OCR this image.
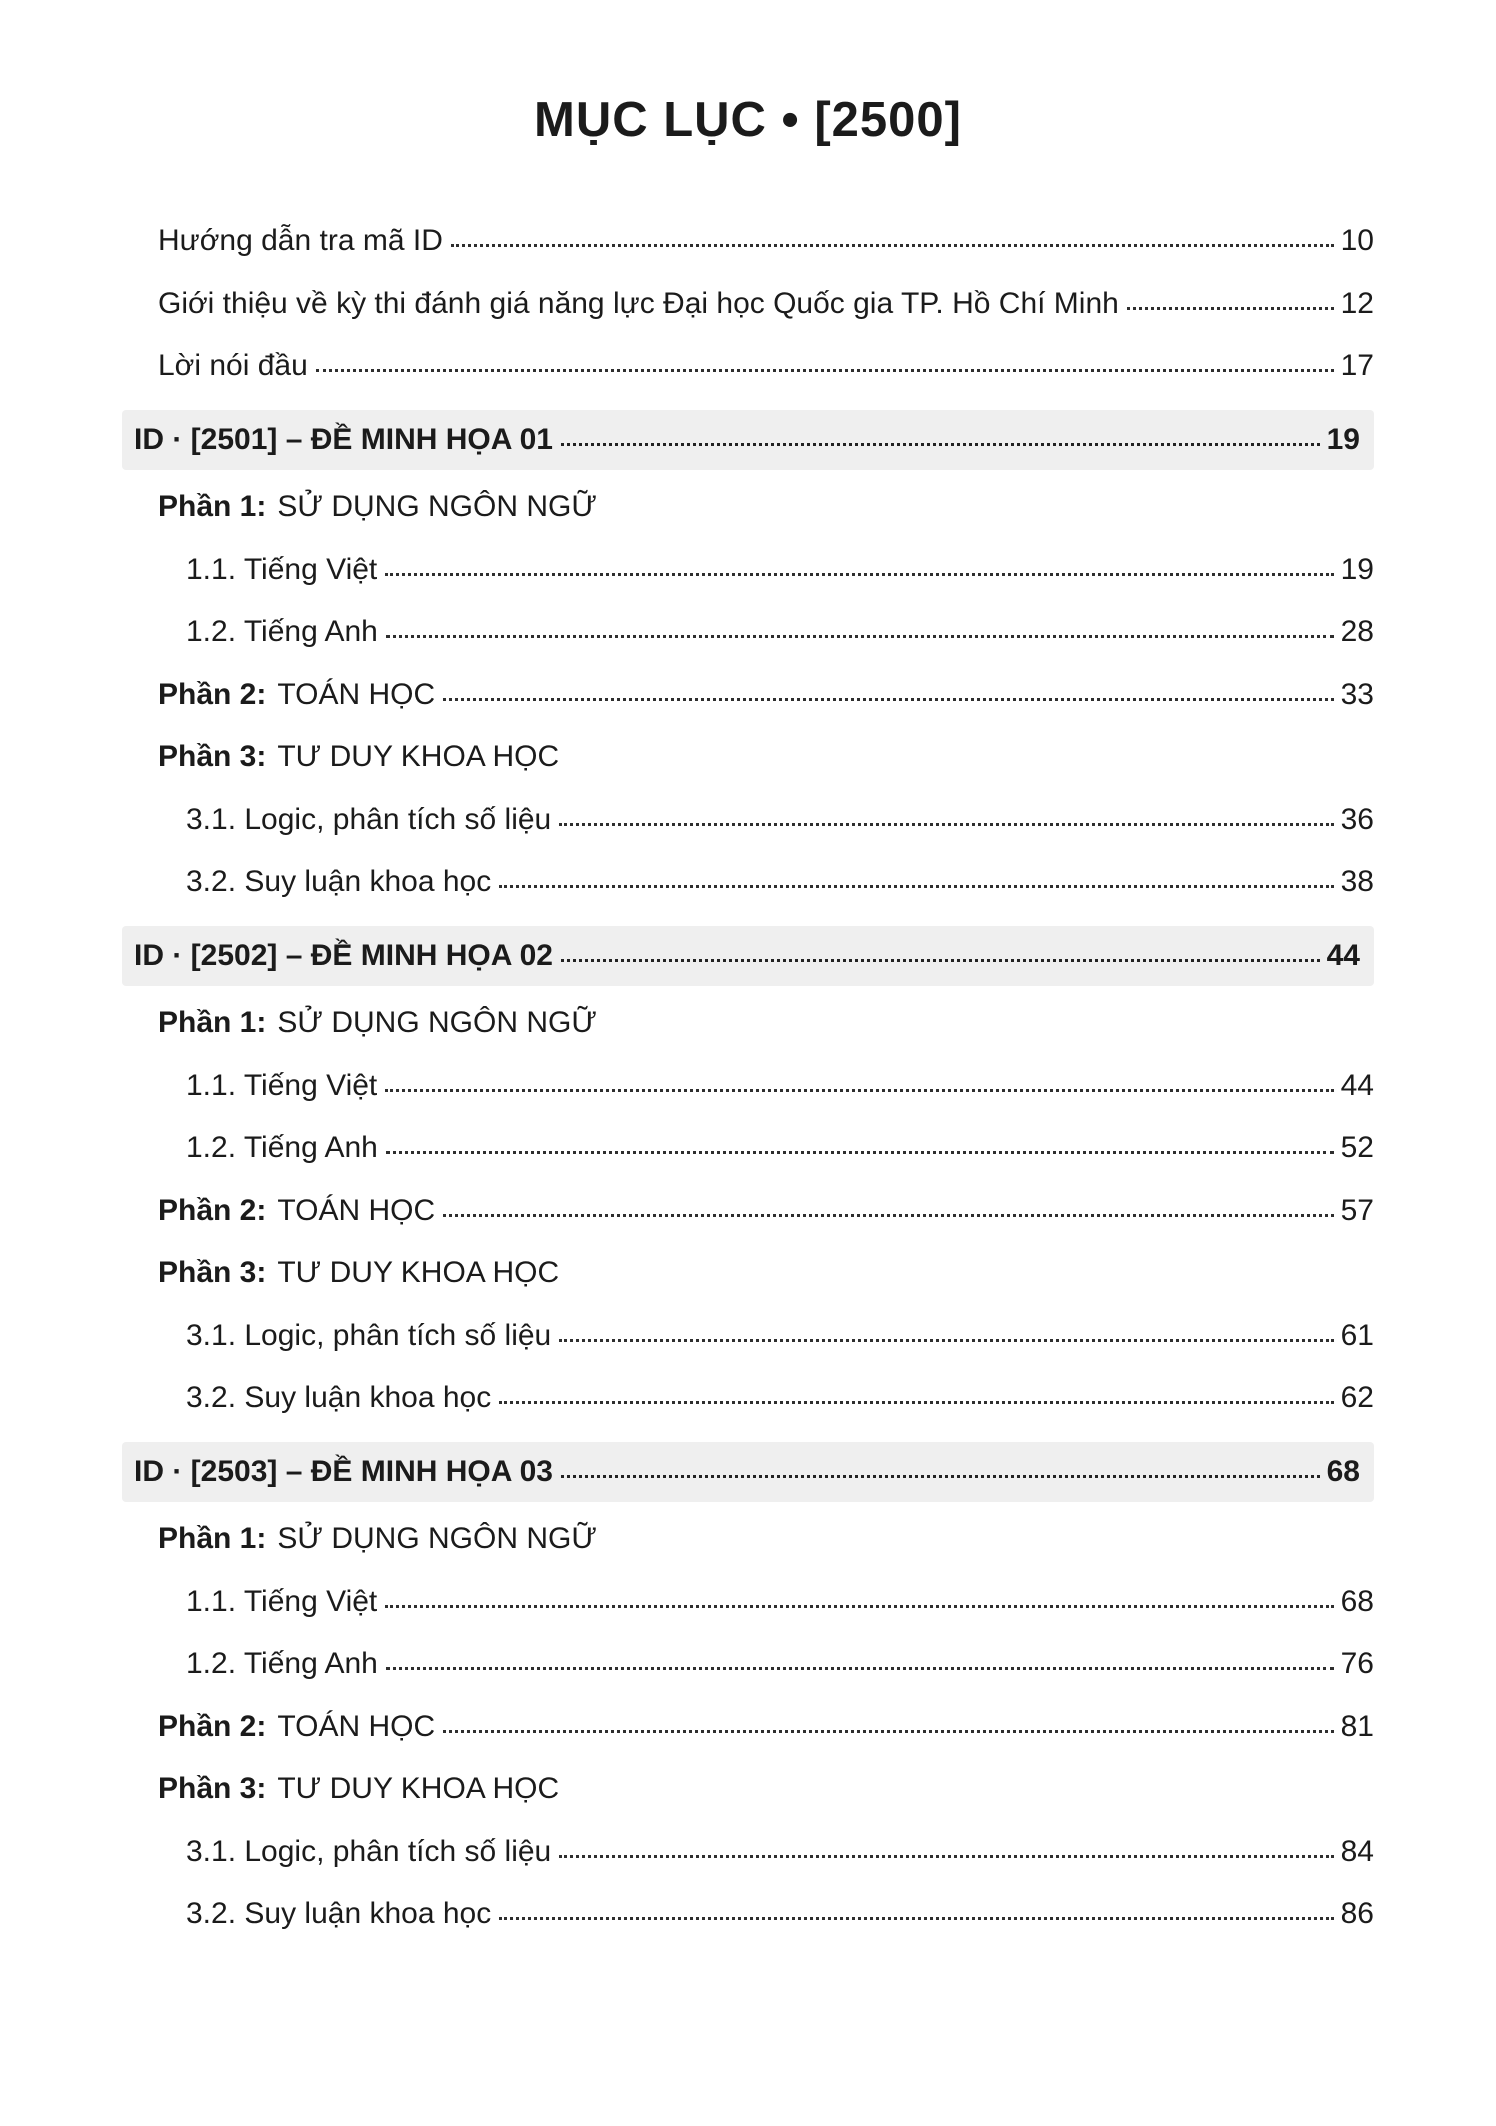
MỤC LỤC • [2500]
Hướng dẫn tra mã ID	10
Giới thiệu về kỳ thi đánh giá năng lực Đại học Quốc gia TP. Hồ Chí Minh	12
Lời nói đầu	17
ID · [2501] – ĐỀ MINH HỌA 01	19
Phần 1: SỬ DỤNG NGÔN NGỮ
1.1. Tiếng Việt	19
1.2. Tiếng Anh	28
Phần 2: TOÁN HỌC	33
Phần 3: TƯ DUY KHOA HỌC
3.1. Logic, phân tích số liệu	36
3.2. Suy luận khoa học	38
ID · [2502] – ĐỀ MINH HỌA 02	44
Phần 1: SỬ DỤNG NGÔN NGỮ
1.1. Tiếng Việt	44
1.2. Tiếng Anh	52
Phần 2: TOÁN HỌC	57
Phần 3: TƯ DUY KHOA HỌC
3.1. Logic, phân tích số liệu	61
3.2. Suy luận khoa học	62
ID · [2503] – ĐỀ MINH HỌA 03	68
Phần 1: SỬ DỤNG NGÔN NGỮ
1.1. Tiếng Việt	68
1.2. Tiếng Anh	76
Phần 2: TOÁN HỌC	81
Phần 3: TƯ DUY KHOA HỌC
3.1. Logic, phân tích số liệu	84
3.2. Suy luận khoa học	86
